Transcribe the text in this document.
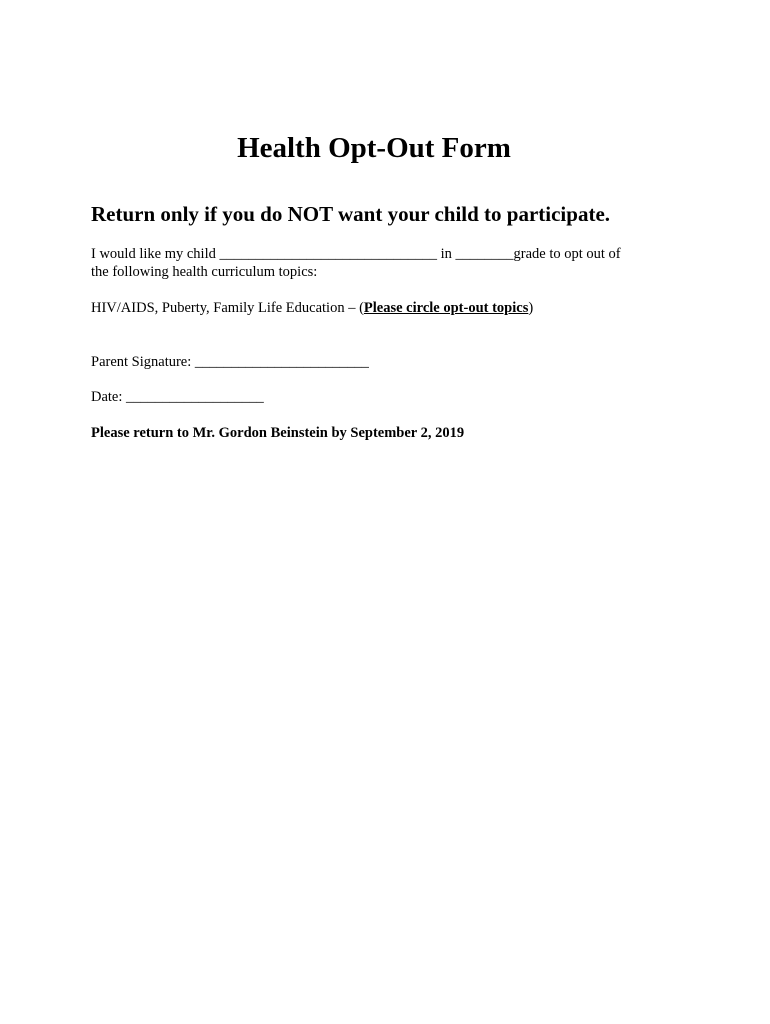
Health Opt-Out Form
Return only if you do NOT want your child to participate.

I would like my child ______________________________ in ________grade to opt out of
the following health curriculum topics:

HIV/AIDS, Puberty, Family Life Education – (Please circle opt-out topics)

Parent Signature: ________________________

Date: ___________________

Please return to Mr. Gordon Beinstein by September 2, 2019
